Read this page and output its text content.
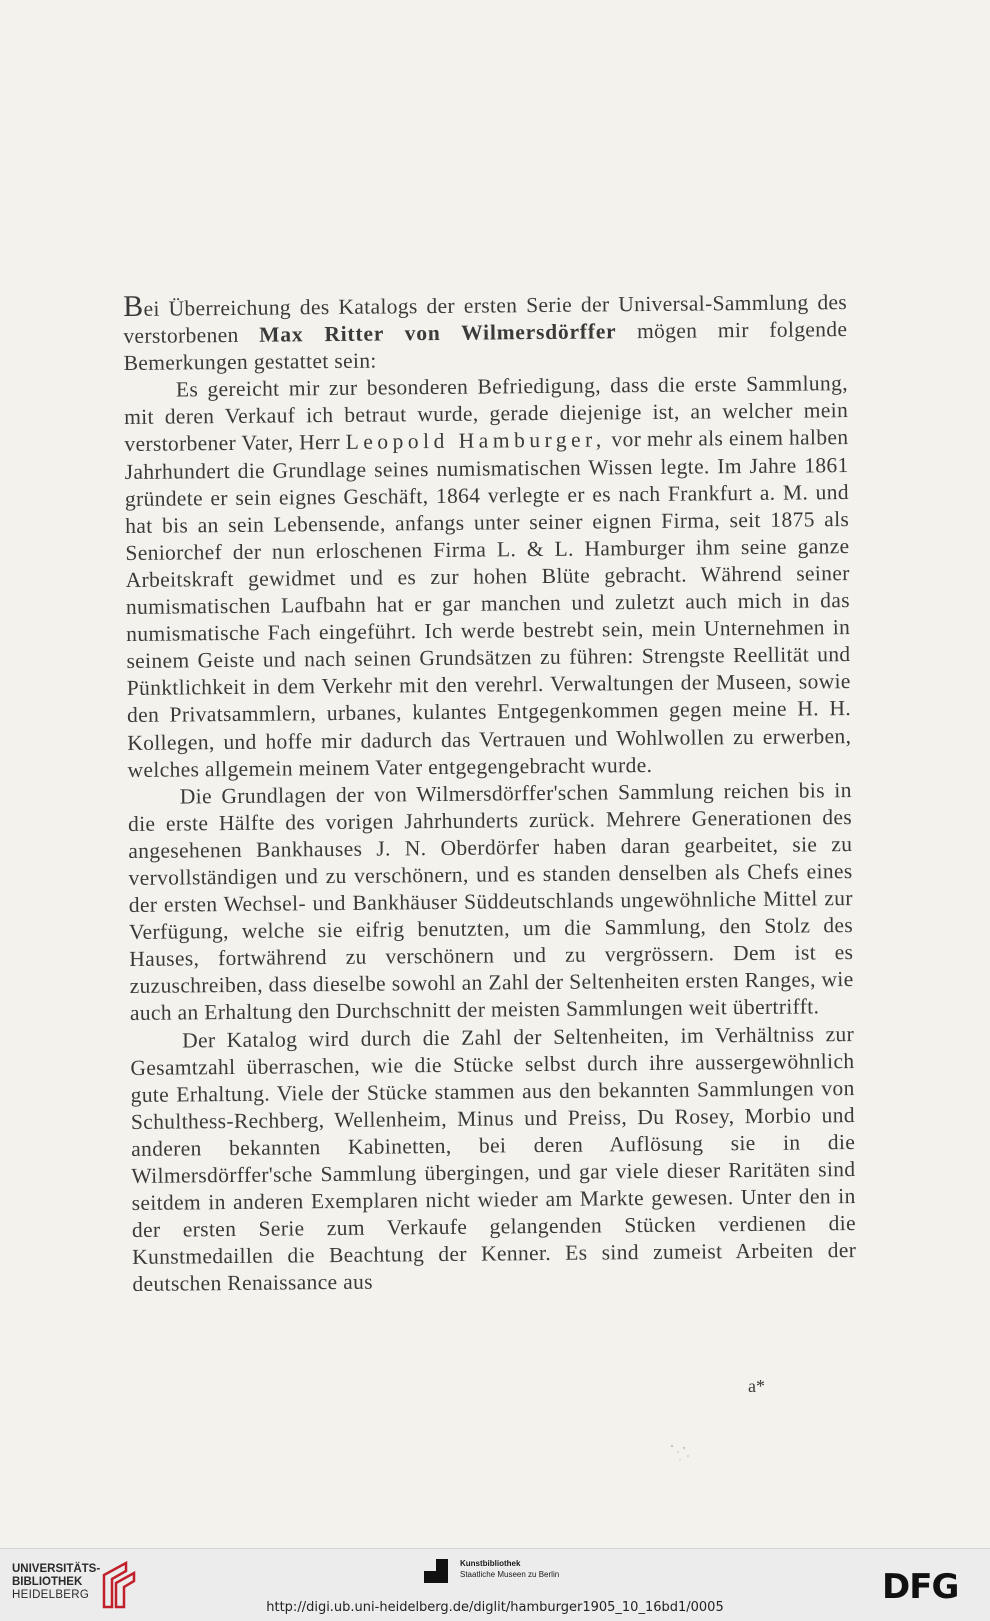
Bei Überreichung des Katalogs der ersten Serie der Universal-Sammlung des verstorbenen Max Ritter von Wilmersdörffer mögen mir folgende Bemerkungen gestattet sein:

Es gereicht mir zur besonderen Befriedigung, dass die erste Sammlung, mit deren Verkauf ich betraut wurde, gerade diejenige ist, an welcher mein verstorbener Vater, Herr Leopold Hamburger, vor mehr als einem halben Jahrhundert die Grundlage seines numismatischen Wissen legte. Im Jahre 1861 gründete er sein eignes Geschäft, 1864 verlegte er es nach Frankfurt a. M. und hat bis an sein Lebensende, anfangs unter seiner eignen Firma, seit 1875 als Seniorchef der nun erloschenen Firma L. & L. Hamburger ihm seine ganze Arbeitskraft gewidmet und es zur hohen Blüte gebracht. Während seiner numismatischen Laufbahn hat er gar manchen und zuletzt auch mich in das numismatische Fach eingeführt. Ich werde bestrebt sein, mein Unternehmen in seinem Geiste und nach seinen Grundsätzen zu führen: Strengste Reellität und Pünktlichkeit in dem Verkehr mit den verehrl. Verwaltungen der Museen, sowie den Privatsammlern, urbanes, kulantes Entgegenkommen gegen meine H. H. Kollegen, und hoffe mir dadurch das Vertrauen und Wohlwollen zu erwerben, welches allgemein meinem Vater entgegengebracht wurde.

Die Grundlagen der von Wilmersdörffer'schen Sammlung reichen bis in die erste Hälfte des vorigen Jahrhunderts zurück. Mehrere Generationen des angesehenen Bankhauses J. N. Oberdörfer haben daran gearbeitet, sie zu vervollständigen und zu verschönern, und es standen denselben als Chefs eines der ersten Wechsel- und Bankhäuser Süddeutschlands ungewöhnliche Mittel zur Verfügung, welche sie eifrig benutzten, um die Sammlung, den Stolz des Hauses, fortwährend zu verschönern und zu vergrössern. Dem ist es zuzuschreiben, dass dieselbe sowohl an Zahl der Seltenheiten ersten Ranges, wie auch an Erhaltung den Durchschnitt der meisten Sammlungen weit übertrifft.

Der Katalog wird durch die Zahl der Seltenheiten, im Verhältniss zur Gesamtzahl überraschen, wie die Stücke selbst durch ihre aussergewöhnlich gute Erhaltung. Viele der Stücke stammen aus den bekannten Sammlungen von Schulthess-Rechberg, Wellenheim, Minus und Preiss, Du Rosey, Morbio und anderen bekannten Kabinetten, bei deren Auflösung sie in die Wilmersdörffer'sche Sammlung übergingen, und gar viele dieser Raritäten sind seitdem in anderen Exemplaren nicht wieder am Markte gewesen. Unter den in der ersten Serie zum Verkaufe gelangenden Stücken verdienen die Kunstmedaillen die Beachtung der Kenner. Es sind zumeist Arbeiten der deutschen Renaissance aus

a*
UNIVERSITÄTS-
BIBLIOTHEK
HEIDELBERG
Kunstbibliothek
Staatliche Museen zu Berlin	DFG
http://digi.ub.uni-heidelberg.de/diglit/hamburger1905_10_16bd1/0005
